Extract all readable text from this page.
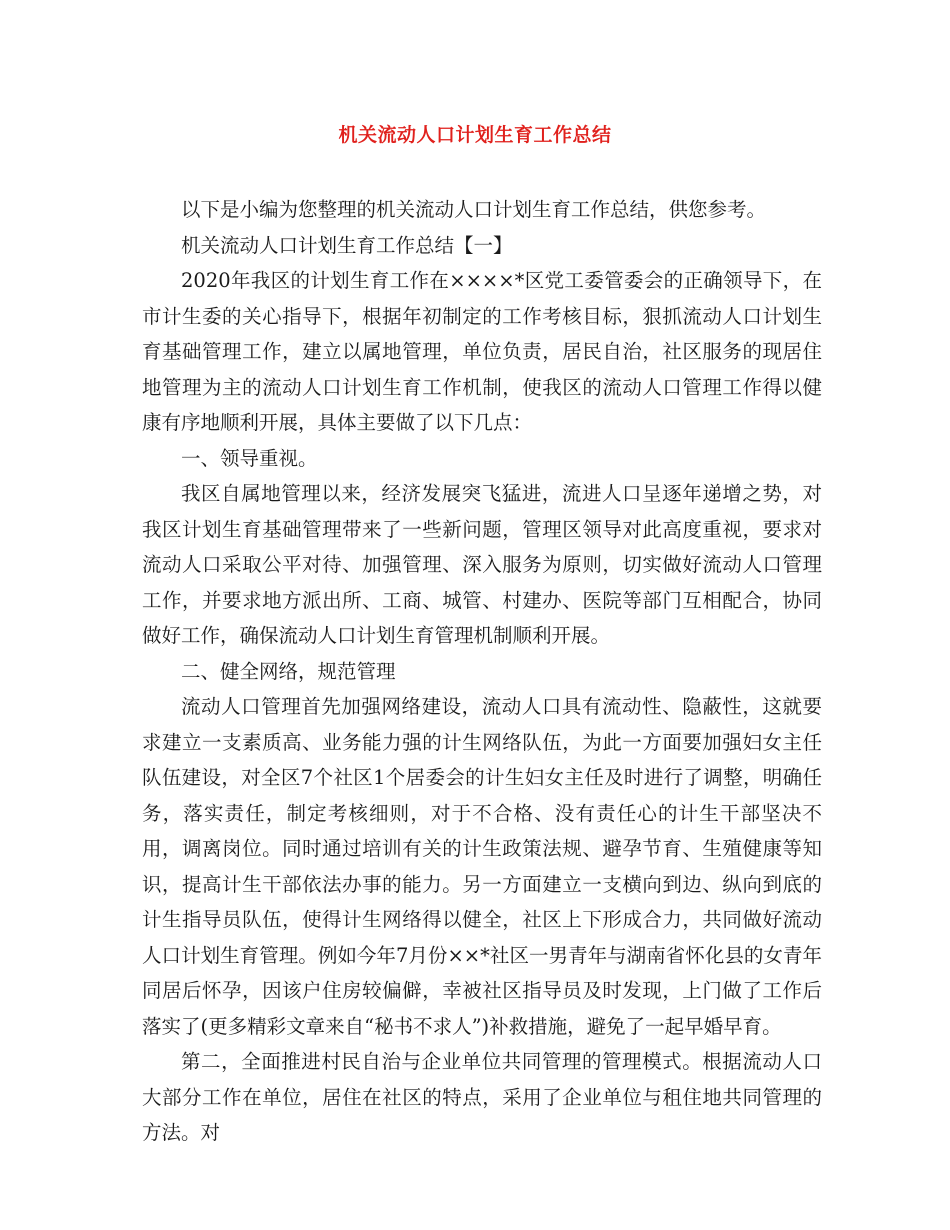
机关流动人口计划生育工作总结

以下是小编为您整理的机关流动人口计划生育工作总结，供您参考。

机关流动人口计划生育工作总结【一】

2020年我区的计划生育工作在××××*区党工委管委会的正确领导下，在市计生委的关心指导下，根据年初制定的工作考核目标，狠抓流动人口计划生育基础管理工作，建立以属地管理，单位负责，居民自治，社区服务的现居住地管理为主的流动人口计划生育工作机制，使我区的流动人口管理工作得以健康有序地顺利开展，具体主要做了以下几点：

一、领导重视。

我区自属地管理以来，经济发展突飞猛进，流进人口呈逐年递增之势，对我区计划生育基础管理带来了一些新问题，管理区领导对此高度重视，要求对流动人口采取公平对待、加强管理、深入服务为原则，切实做好流动人口管理工作，并要求地方派出所、工商、城管、村建办、医院等部门互相配合，协同做好工作，确保流动人口计划生育管理机制顺利开展。

二、健全网络，规范管理

流动人口管理首先加强网络建设，流动人口具有流动性、隐蔽性，这就要求建立一支素质高、业务能力强的计生网络队伍，为此一方面要加强妇女主任队伍建设，对全区7个社区1个居委会的计生妇女主任及时进行了调整，明确任务，落实责任，制定考核细则，对于不合格、没有责任心的计生干部坚决不用，调离岗位。同时通过培训有关的计生政策法规、避孕节育、生殖健康等知识，提高计生干部依法办事的能力。另一方面建立一支横向到边、纵向到底的计生指导员队伍，使得计生网络得以健全，社区上下形成合力，共同做好流动人口计划生育管理。例如今年7月份××*社区一男青年与湖南省怀化县的女青年同居后怀孕，因该户住房较偏僻，幸被社区指导员及时发现，上门做了工作后落实了(更多精彩文章来自“秘书不求人”)补救措施，避免了一起早婚早育。

第二，全面推进村民自治与企业单位共同管理的管理模式。根据流动人口大部分工作在单位，居住在社区的特点，采用了企业单位与租住地共同管理的方法。对
